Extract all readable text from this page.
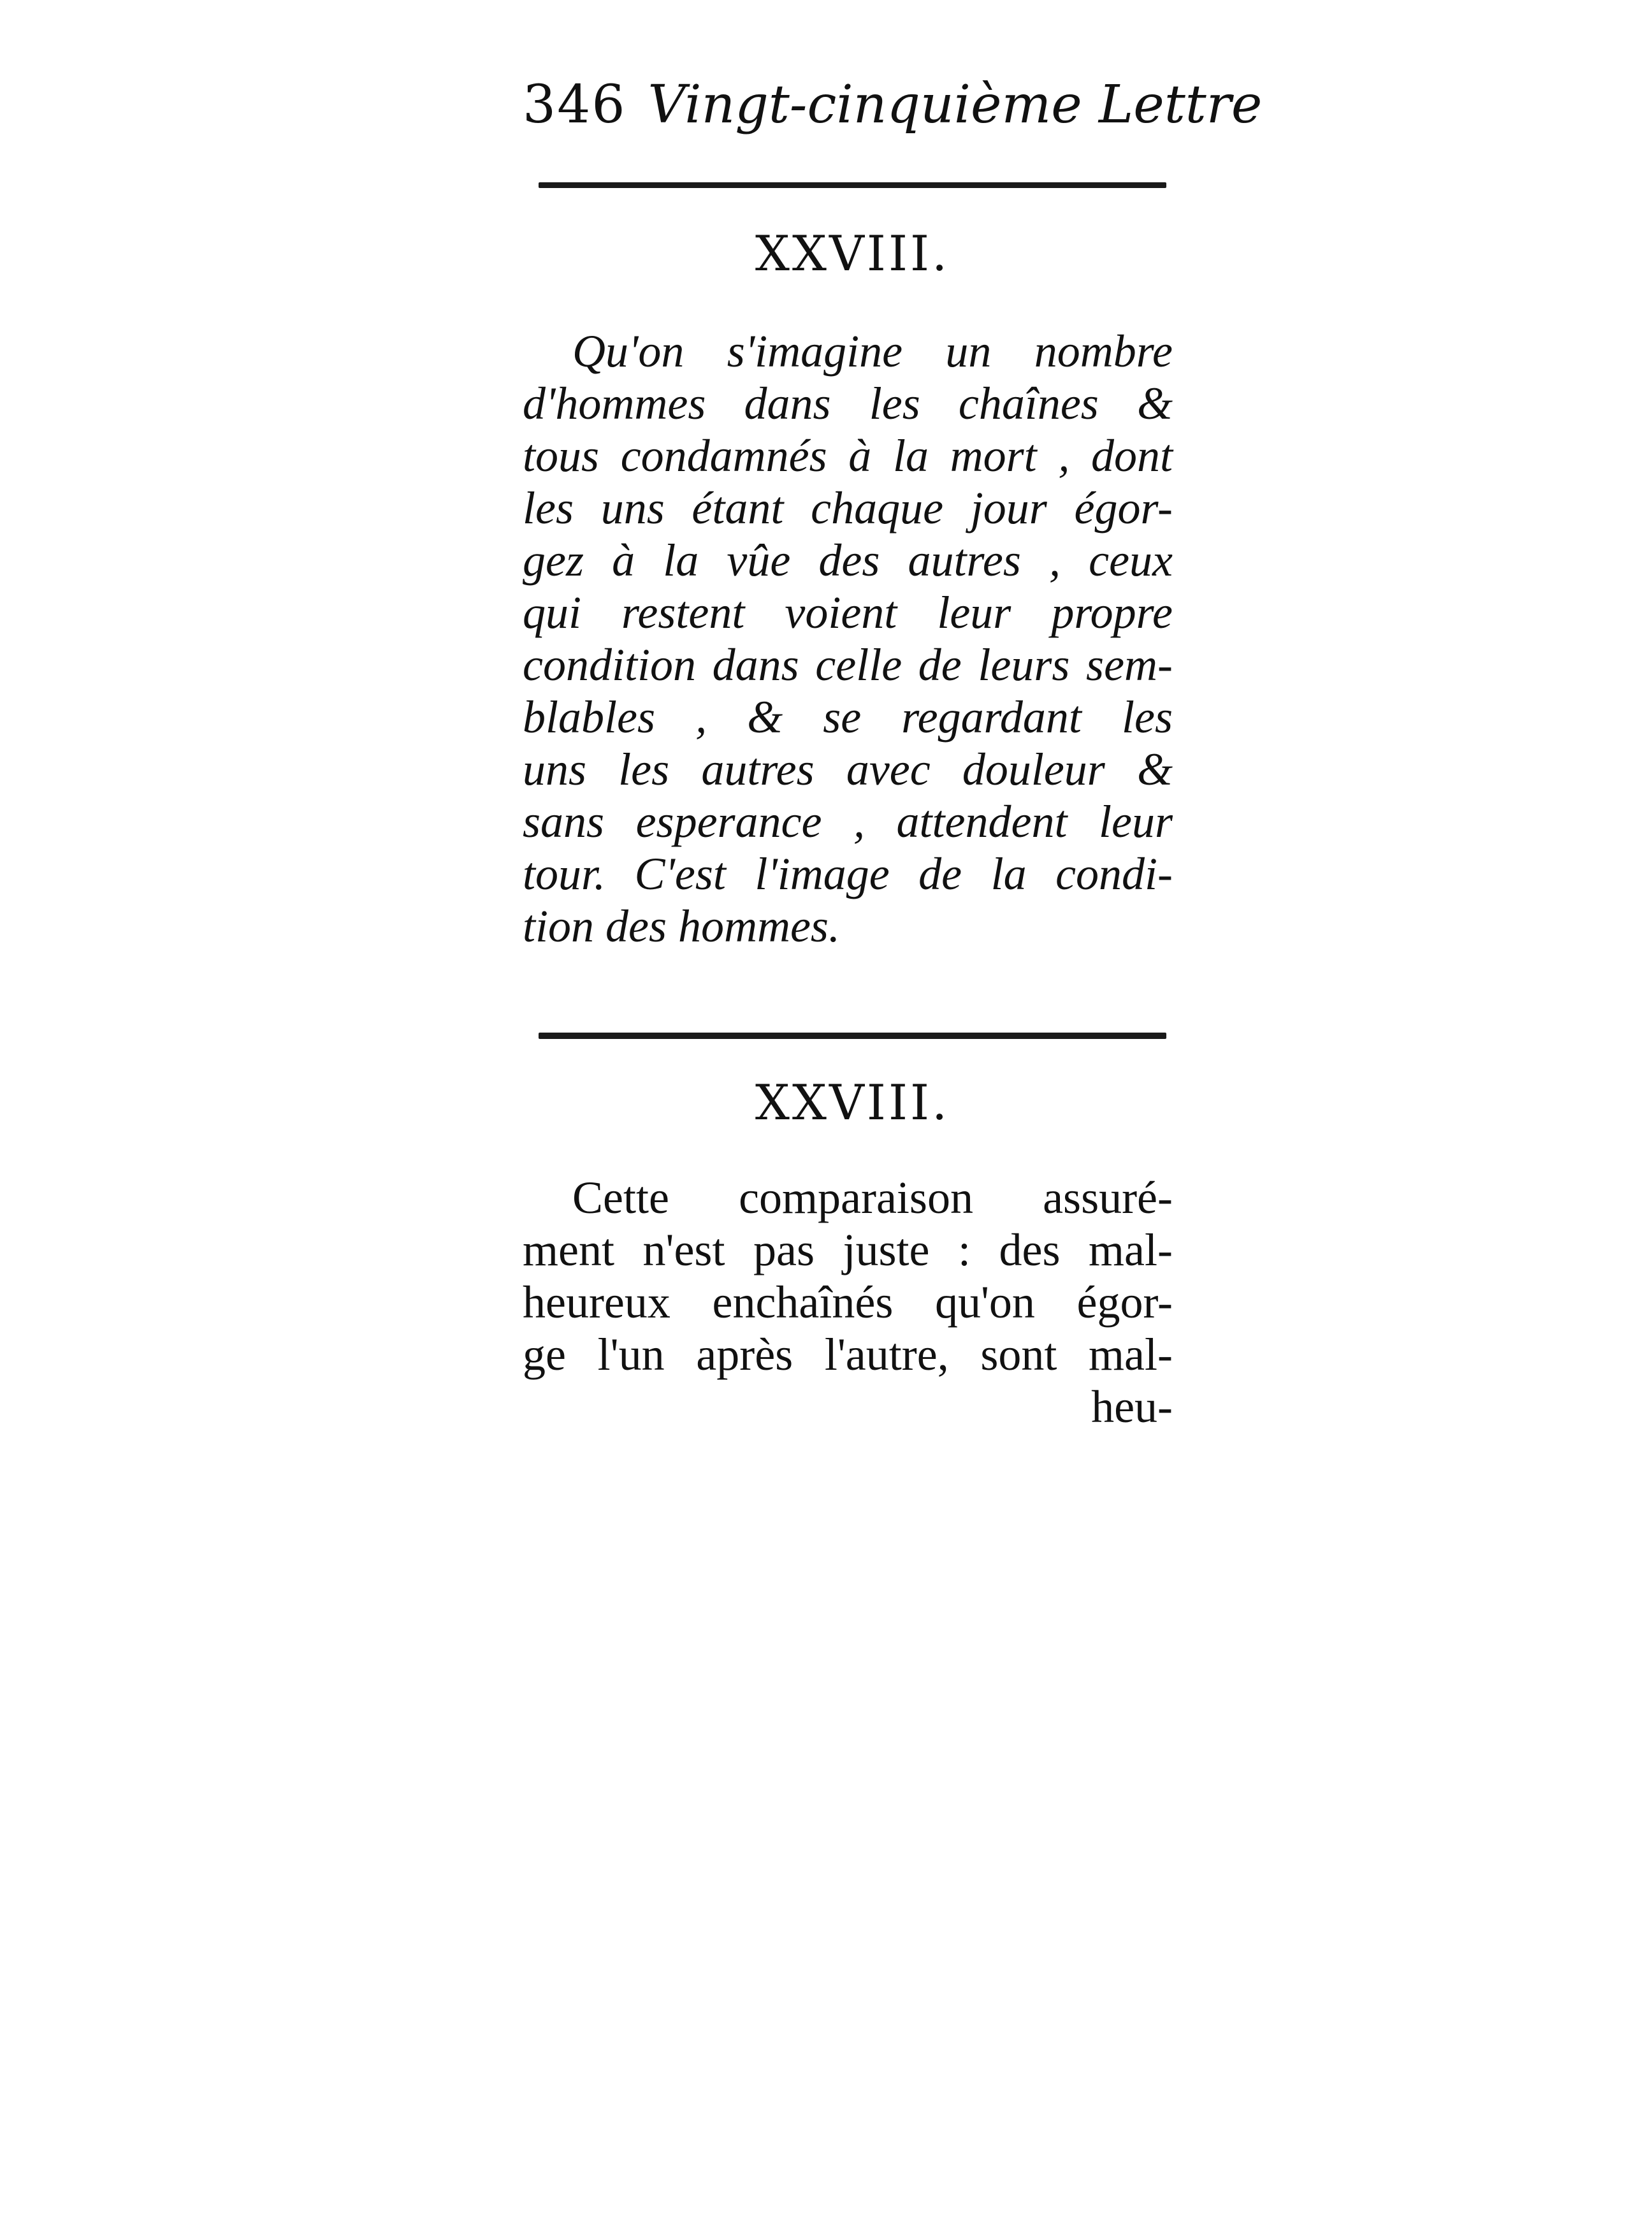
346 Vingt-cinquième Lettre
XXVIII.
Qu'on s'imagine un nombre
d'hommes dans les chaînes &
tous condamnés à la mort , dont
les uns étant chaque jour égor-
gez à la vûe des autres , ceux
qui restent voient leur propre
condition dans celle de leurs sem-
blables , & se regardant les
uns les autres avec douleur &
sans esperance , attendent leur
tour. C'est l'image de la condi-
tion des hommes.
XXVIII.
Cette comparaison assuré-
ment n'est pas juste : des mal-
heureux enchaînés qu'on égor-
ge l'un après l'autre, sont mal-
heu-
